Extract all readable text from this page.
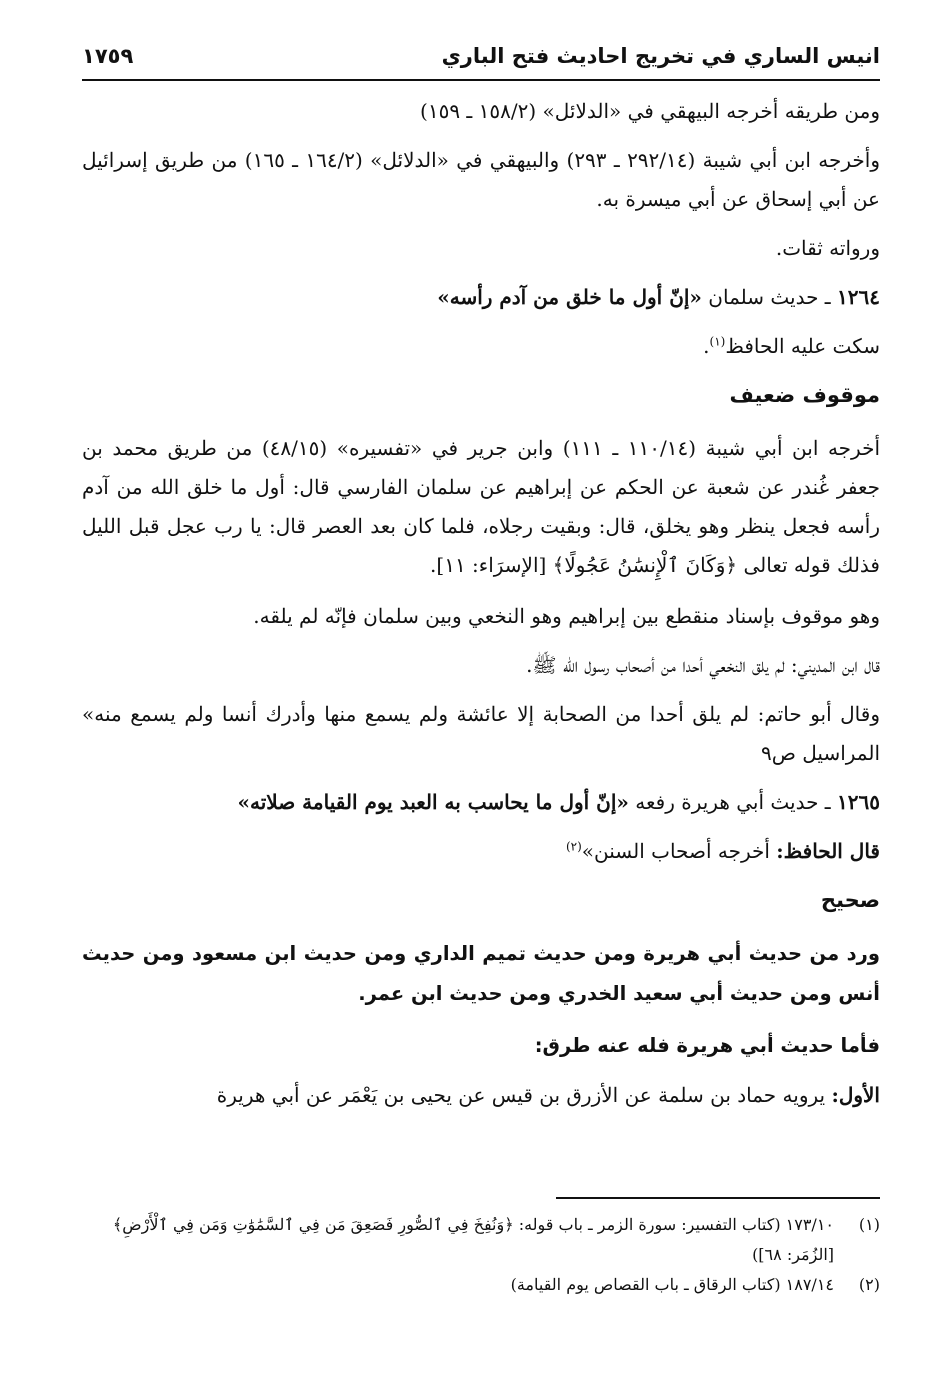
انيس الساري في تخريج احاديث فتح الباري
١٧٥٩

ومن طريقه أخرجه البيهقي في «الدلائل» (١٥٨/٢ ـ ١٥٩)

وأخرجه ابن أبي شيبة (٢٩٢/١٤ ـ ٢٩٣) والبيهقي في «الدلائل» (١٦٤/٢ ـ ١٦٥) من طريق إسرائيل عن أبي إسحاق عن أبي ميسرة به.

ورواته ثقات.

١٢٦٤ ـ حديث سلمان «إنّ أول ما خلق من آدم رأسه»

سكت عليه الحافظ$^{(١)}$.

موقوف ضعيف

أخرجه ابن أبي شيبة (١١٠/١٤ ـ ١١١) وابن جرير في «تفسيره» (٤٨/١٥) من طريق محمد بن جعفر غُندر عن شعبة عن الحكم عن إبراهيم عن سلمان الفارسي قال: أول ما خلق الله من آدم رأسه فجعل ينظر وهو يخلق، قال: وبقيت رجلاه، فلما كان بعد العصر قال: يا رب عجل قبل الليل فذلك قوله تعالى ﴿وَكَانَ ٱلْإِنسَٰنُ عَجُولًا﴾ [الإسرَاء: ١١].

وهو موقوف بإسناد منقطع بين إبراهيم وهو النخعي وبين سلمان فإنّه لم يلقه.

قال ابن المديني: لم يلق النخعي أحدا من أصحاب رسول الله ﷺ.

وقال أبو حاتم: لم يلق أحدا من الصحابة إلا عائشة ولم يسمع منها وأدرك أنسا ولم يسمع منه» المراسيل ص٩

١٢٦٥ ـ حديث أبي هريرة رفعه «إنّ أول ما يحاسب به العبد يوم القيامة صلاته»

قال الحافظ: أخرجه أصحاب السنن»$^{(٢)}$

صحيح

ورد من حديث أبي هريرة ومن حديث تميم الداري ومن حديث ابن مسعود ومن حديث أنس ومن حديث أبي سعيد الخدري ومن حديث ابن عمر.

فأما حديث أبي هريرة فله عنه طرق:

الأول: يرويه حماد بن سلمة عن الأزرق بن قيس عن يحيى بن يَعْمَر عن أبي هريرة

(١)
١٧٣/١٠ (كتاب التفسير: سورة الزمر ـ باب قوله: ﴿وَنُفِخَ فِي ٱلصُّورِ فَصَعِقَ مَن فِي ٱلسَّمَٰوَٰتِ وَمَن فِي ٱلْأَرْضِ﴾ [الزُمَر: ٦٨])
(٢)
١٨٧/١٤ (كتاب الرقاق ـ باب القصاص يوم القيامة)
